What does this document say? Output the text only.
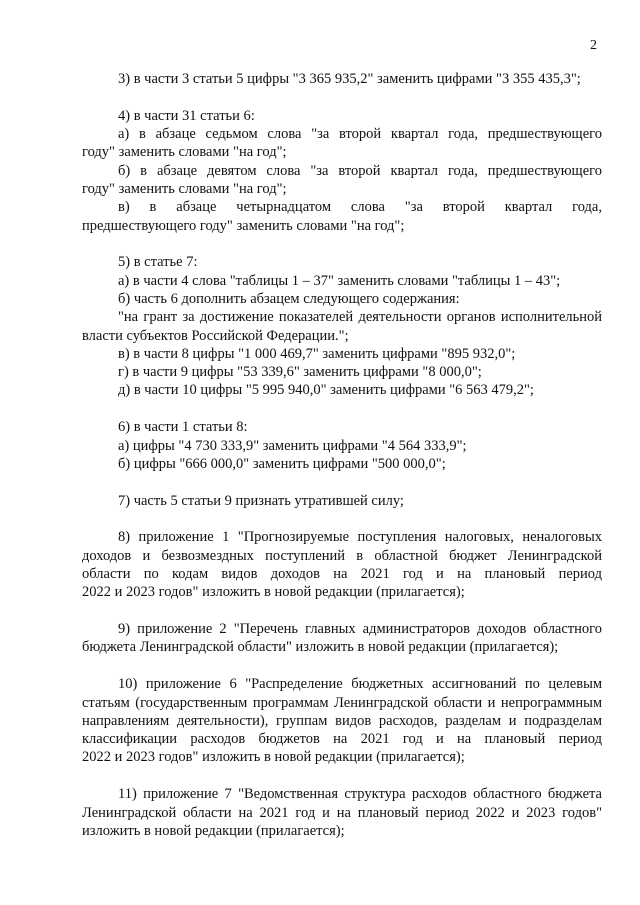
2
3) в части 3 статьи 5 цифры "3 365 935,2" заменить цифрами "3 355 435,3";
4) в части 31 статьи 6:
а) в абзаце седьмом слова "за второй квартал года, предшествующего
году" заменить словами "на год";
б) в абзаце девятом слова "за второй квартал года, предшествующего
году" заменить словами "на год";
в) в абзаце четырнадцатом слова "за второй квартал года,
предшествующего году" заменить словами "на год";
5) в статье 7:
а) в части 4 слова "таблицы 1 – 37" заменить словами "таблицы 1 – 43";
б) часть 6 дополнить абзацем следующего содержания:
"на грант за достижение показателей деятельности органов исполнительной
власти субъектов Российской Федерации.";
в) в части 8 цифры "1 000 469,7" заменить цифрами "895 932,0";
г) в части 9 цифры "53 339,6" заменить цифрами "8 000,0";
д) в части 10 цифры "5 995 940,0" заменить цифрами "6 563 479,2";
6) в части 1 статьи 8:
а) цифры "4 730 333,9" заменить цифрами "4 564 333,9";
б) цифры "666 000,0" заменить цифрами "500 000,0";
7) часть 5 статьи 9 признать утратившей силу;
8) приложение 1 "Прогнозируемые поступления налоговых, неналоговых
доходов и безвозмездных поступлений в областной бюджет Ленинградской
области по кодам видов доходов на 2021 год и на плановый период
2022 и 2023 годов" изложить в новой редакции (прилагается);
9) приложение 2 "Перечень главных администраторов доходов областного
бюджета Ленинградской области" изложить в новой редакции (прилагается);
10) приложение 6 "Распределение бюджетных ассигнований по целевым
статьям (государственным программам Ленинградской области и непрограммным
направлениям деятельности), группам видов расходов, разделам и подразделам
классификации расходов бюджетов на 2021 год и на плановый период
2022 и 2023 годов" изложить в новой редакции (прилагается);
11) приложение 7 "Ведомственная структура расходов областного бюджета
Ленинградской области на 2021 год и на плановый период 2022 и 2023 годов"
изложить в новой редакции (прилагается);
